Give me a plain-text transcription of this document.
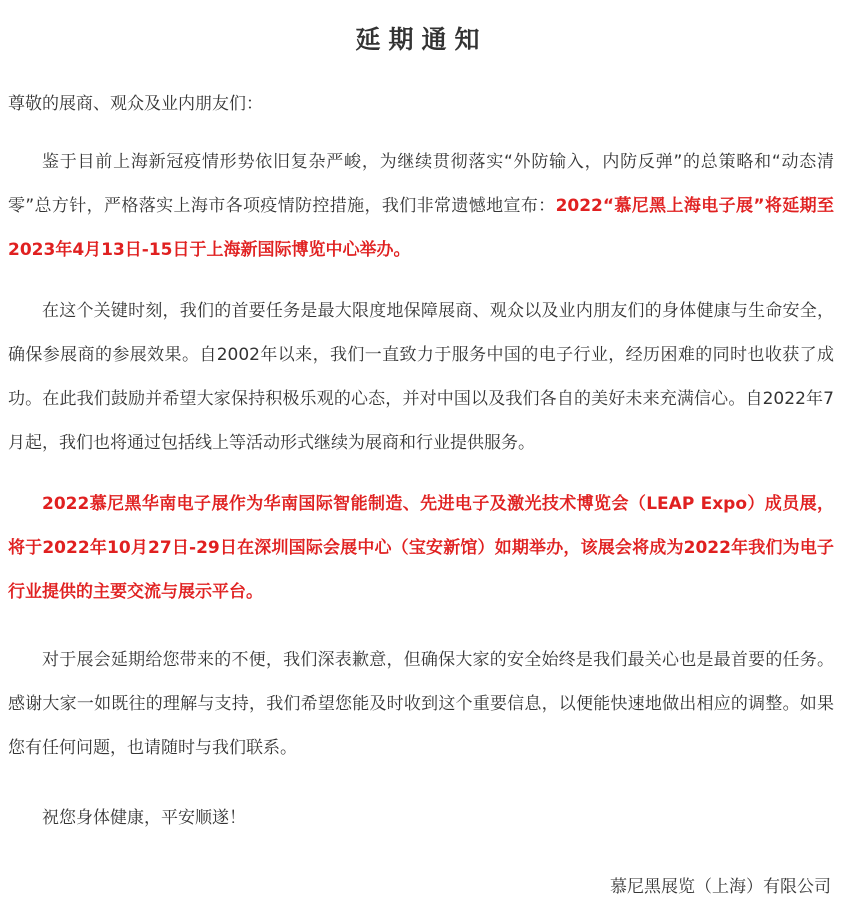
延期通知
尊敬的展商、观众及业内朋友们：

鉴于目前上海新冠疫情形势依旧复杂严峻，为继续贯彻落实“外防输入，内防反弹”的总策略和“动态清零”总方针，严格落实上海市各项疫情防控措施，我们非常遗憾地宣布：2022“慕尼黑上海电子展”将延期至2023年4月13日-15日于上海新国际博览中心举办。

在这个关键时刻，我们的首要任务是最大限度地保障展商、观众以及业内朋友们的身体健康与生命安全，确保参展商的参展效果。自2002年以来，我们一直致力于服务中国的电子行业，经历困难的同时也收获了成功。在此我们鼓励并希望大家保持积极乐观的心态，并对中国以及我们各自的美好未来充满信心。自2022年7月起，我们也将通过包括线上等活动形式继续为展商和行业提供服务。

2022慕尼黑华南电子展作为华南国际智能制造、先进电子及激光技术博览会（LEAP Expo）成员展，将于2022年10月27日-29日在深圳国际会展中心（宝安新馆）如期举办，该展会将成为2022年我们为电子行业提供的主要交流与展示平台。

对于展会延期给您带来的不便，我们深表歉意，但确保大家的安全始终是我们最关心也是最首要的任务。感谢大家一如既往的理解与支持，我们希望您能及时收到这个重要信息，以便能快速地做出相应的调整。如果您有任何问题，也请随时与我们联系。

祝您身体健康，平安顺遂！
慕尼黑展览（上海）有限公司
